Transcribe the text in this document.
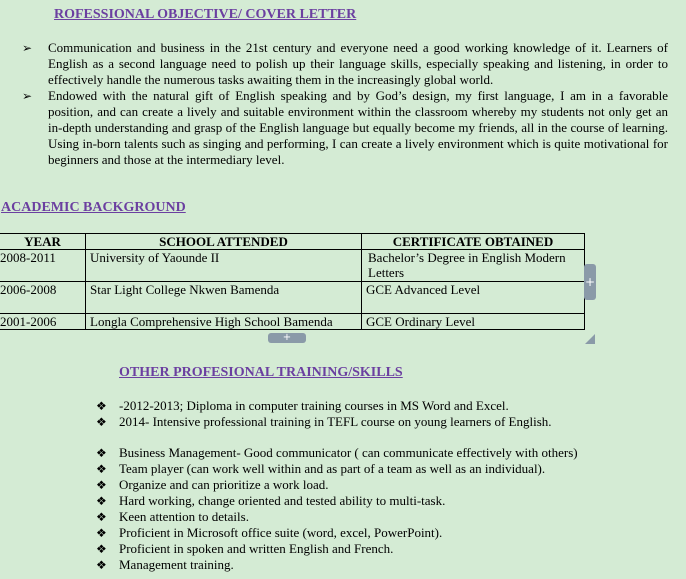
ROFESSIONAL OBJECTIVE/ COVER LETTER
➢ Communication and business in the 21st century and everyone need a good working knowledge of it. Learners of English as a second language need to polish up their language skills, especially speaking and listening, in order to effectively handle the numerous tasks awaiting them in the increasingly global world.
➢ Endowed with the natural gift of English speaking and by God’s design, my first language, I am in a favorable position, and can create a lively and suitable environment within the classroom whereby my students not only get an in-depth understanding and grasp of the English language but equally become my friends, all in the course of learning. Using in-born talents such as singing and performing, I can create a lively environment which is quite motivational for beginners and those at the intermediary level.
ACADEMIC BACKGROUND
YEAR	SCHOOL ATTENDED	CERTIFICATE OBTAINED
2008-2011	University of Yaounde II	Bachelor’s Degree in English Modern Letters
2006-2008	Star Light College Nkwen Bamenda	GCE Advanced Level
2001-2006	Longla Comprehensive High School Bamenda	GCE Ordinary Level
+
+
OTHER PROFESIONAL TRAINING/SKILLS
❖ -2012-2013; Diploma in computer training courses in MS Word and Excel.
❖ 2014- Intensive professional training in TEFL course on young learners of English.
❖ Business Management- Good communicator ( can communicate effectively with others)
❖ Team player (can work well within and as part of a team as well as an individual).
❖ Organize and can prioritize a work load.
❖ Hard working, change oriented and tested ability to multi-task.
❖ Keen attention to details.
❖ Proficient in Microsoft office suite (word, excel, PowerPoint).
❖ Proficient in spoken and written English and French.
❖ Management training.
